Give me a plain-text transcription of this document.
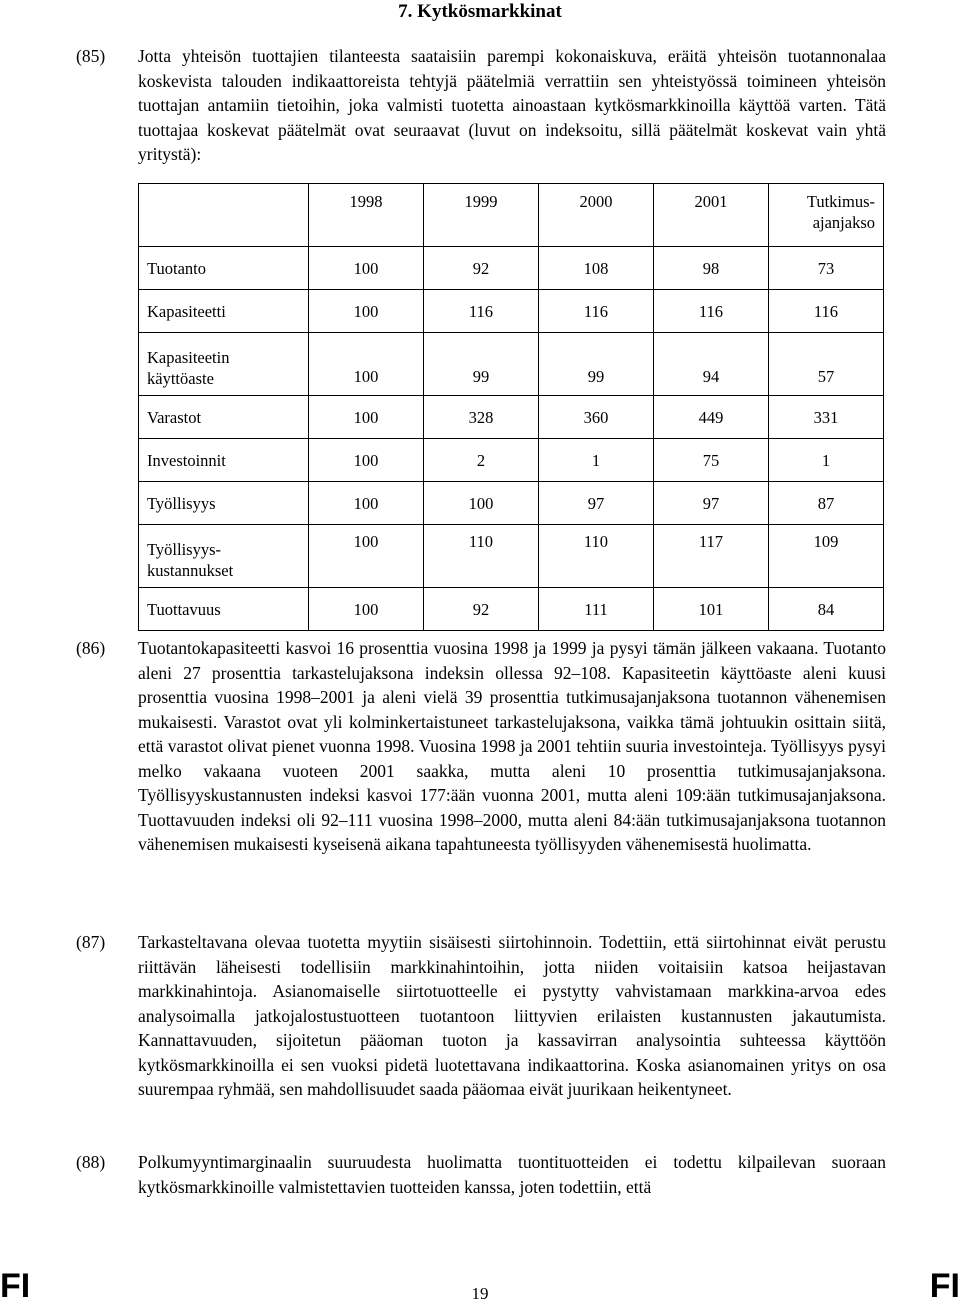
7. Kytkösmarkkinat
(85) Jotta yhteisön tuottajien tilanteesta saataisiin parempi kokonaiskuva, eräitä yhteisön tuotannonalaa koskevista talouden indikaattoreista tehtyjä päätelmiä verrattiin sen yhteistyössä toimineen yhteisön tuottajan antamiin tietoihin, joka valmisti tuotetta ainoastaan kytkösmarkkinoilla käyttöä varten. Tätä tuottajaa koskevat päätelmät ovat seuraavat (luvut on indeksoitu, sillä päätelmät koskevat vain yhtä yritystä):
	1998	1999	2000	2001	Tutkimus-
ajanjakso
Tuotanto	100	92	108	98	73
Kapasiteetti	100	116	116	116	116
Kapasiteetin
käyttöaste	100	99	99	94	57
Varastot	100	328	360	449	331
Investoinnit	100	2	1	75	1
Työllisyys	100	100	97	97	87
Työllisyys-
kustannukset	100	110	110	117	109
Tuottavuus	100	92	111	101	84
(86) Tuotantokapasiteetti kasvoi 16 prosenttia vuosina 1998 ja 1999 ja pysyi tämän jälkeen vakaana. Tuotanto aleni 27 prosenttia tarkastelujaksona indeksin ollessa 92–108. Kapasiteetin käyttöaste aleni kuusi prosenttia vuosina 1998–2001 ja aleni vielä 39 prosenttia tutkimusajanjaksona tuotannon vähenemisen mukaisesti. Varastot ovat yli kolminkertaistuneet tarkastelujaksona, vaikka tämä johtuukin osittain siitä, että varastot olivat pienet vuonna 1998. Vuosina 1998 ja 2001 tehtiin suuria investointeja. Työllisyys pysyi melko vakaana vuoteen 2001 saakka, mutta aleni 10 prosenttia tutkimusajanjaksona. Työllisyyskustannusten indeksi kasvoi 177:ään vuonna 2001, mutta aleni 109:ään tutkimusajanjaksona. Tuottavuuden indeksi oli 92–111 vuosina 1998–2000, mutta aleni 84:ään tutkimusajanjaksona tuotannon vähenemisen mukaisesti kyseisenä aikana tapahtuneesta työllisyyden vähenemisestä huolimatta.
(87) Tarkasteltavana olevaa tuotetta myytiin sisäisesti siirtohinnoin. Todettiin, että siirtohinnat eivät perustu riittävän läheisesti todellisiin markkinahintoihin, jotta niiden voitaisiin katsoa heijastavan markkinahintoja. Asianomaiselle siirtotuotteelle ei pystytty vahvistamaan markkina-arvoa edes analysoimalla jatkojalostustuotteen tuotantoon liittyvien erilaisten kustannusten jakautumista. Kannattavuuden, sijoitetun pääoman tuoton ja kassavirran analysointia suhteessa käyttöön kytkösmarkkinoilla ei sen vuoksi pidetä luotettavana indikaattorina. Koska asianomainen yritys on osa suurempaa ryhmää, sen mahdollisuudet saada pääomaa eivät juurikaan heikentyneet.
(88) Polkumyyntimarginaalin suuruudesta huolimatta tuontituotteiden ei todettu kilpailevan suoraan kytkösmarkkinoille valmistettavien tuotteiden kanssa, joten todettiin, että
FI	19	FI
